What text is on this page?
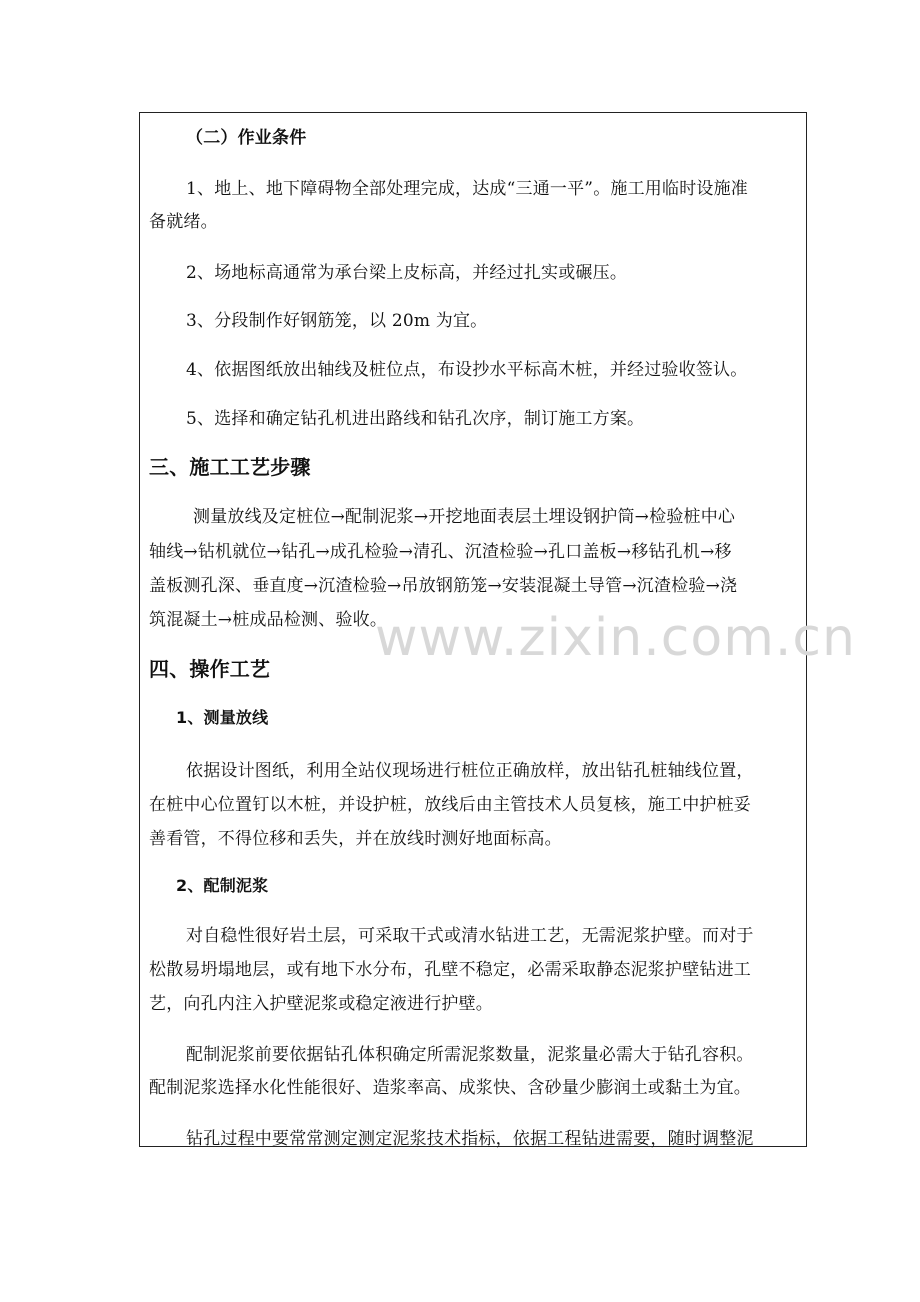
www.zixin.com.cn
（二）作业条件
1、地上、地下障碍物全部处理完成，达成“三通一平”。施工用临时设施准
备就绪。
2、场地标高通常为承台梁上皮标高，并经过扎实或碾压。
3、分段制作好钢筋笼，以 20m 为宜。
4、依据图纸放出轴线及桩位点，布设抄水平标高木桩，并经过验收签认。
5、选择和确定钻孔机进出路线和钻孔次序，制订施工方案。
三、施工工艺步骤
测量放线及定桩位→配制泥浆→开挖地面表层土埋设钢护筒→检验桩中心
轴线→钻机就位→钻孔→成孔检验→清孔、沉渣检验→孔口盖板→移钻孔机→移
盖板测孔深、垂直度→沉渣检验→吊放钢筋笼→安装混凝土导管→沉渣检验→浇
筑混凝土→桩成品检测、验收。
四、操作工艺
1、测量放线
依据设计图纸，利用全站仪现场进行桩位正确放样，放出钻孔桩轴线位置，
在桩中心位置钉以木桩，并设护桩，放线后由主管技术人员复核，施工中护桩妥
善看管，不得位移和丢失，并在放线时测好地面标高。
2、配制泥浆
对自稳性很好岩土层，可采取干式或清水钻进工艺，无需泥浆护壁。而对于
松散易坍塌地层，或有地下水分布，孔壁不稳定，必需采取静态泥浆护壁钻进工
艺，向孔内注入护壁泥浆或稳定液进行护壁。
配制泥浆前要依据钻孔体积确定所需泥浆数量，泥浆量必需大于钻孔容积。
配制泥浆选择水化性能很好、造浆率高、成浆快、含砂量少膨润土或黏土为宜。
钻孔过程中要常常测定测定泥浆技术指标，依据工程钻进需要，随时调整泥
